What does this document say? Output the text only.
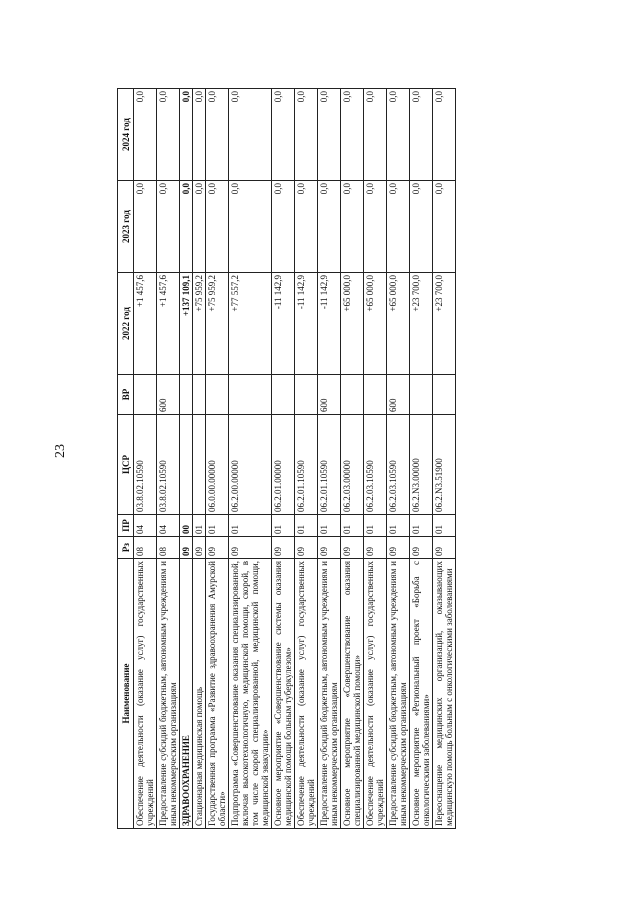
23
Наименование	Рз	ПР	ЦСР	ВР	2022 год	2023 год	2024 год
Обеспечение деятельности (оказание услуг) государственных учреждений	08	04	03.8.02.10590		+1 457,6	0,0	0,0
Предоставление субсидий бюджетным, автономным учреждениям и иным некоммерческим организациям	08	04	03.8.02.10590	600	+1 457,6	0,0	0,0
ЗДРАВООХРАНЕНИЕ	09	00			+137 109,1	0,0	0,0
Стационарная медицинская помощь	09	01			+75 959,2	0,0	0,0
Государственная программа «Развитие здравоохранения Амурской области»	09	01	06.0.00.00000		+75 959,2	0,0	0,0
Подпрограмма «Совершенствование оказания специализированной, включая высокотехнологичную, медицинской помощи, скорой, в том числе скорой специализированной, медицинской помощи, медицинской эвакуации»	09	01	06.2.00.00000		+77 557,2	0,0	0,0
Основное мероприятие «Совершенствование системы оказания медицинской помощи больным туберкулезом»	09	01	06.2.01.00000		-11 142,9	0,0	0,0
Обеспечение деятельности (оказание услуг) государственных учреждений	09	01	06.2.01.10590		-11 142,9	0,0	0,0
Предоставление субсидий бюджетным, автономным учреждениям и иным некоммерческим организациям	09	01	06.2.01.10590	600	-11 142,9	0,0	0,0
Основное мероприятие «Совершенствование оказания специализированной медицинской помощи»	09	01	06.2.03.00000		+65 000,0	0,0	0,0
Обеспечение деятельности (оказание услуг) государственных учреждений	09	01	06.2.03.10590		+65 000,0	0,0	0,0
Предоставление субсидий бюджетным, автономным учреждениям и иным некоммерческим организациям	09	01	06.2.03.10590	600	+65 000,0	0,0	0,0
Основное мероприятие «Региональный проект «Борьба с онкологическими заболеваниями»	09	01	06.2.N3.00000		+23 700,0	0,0	0,0
Переоснащение медицинских организаций, оказывающих медицинскую помощь больным с онкологическими заболеваниями	09	01	06.2.N3.51900		+23 700,0	0,0	0,0
